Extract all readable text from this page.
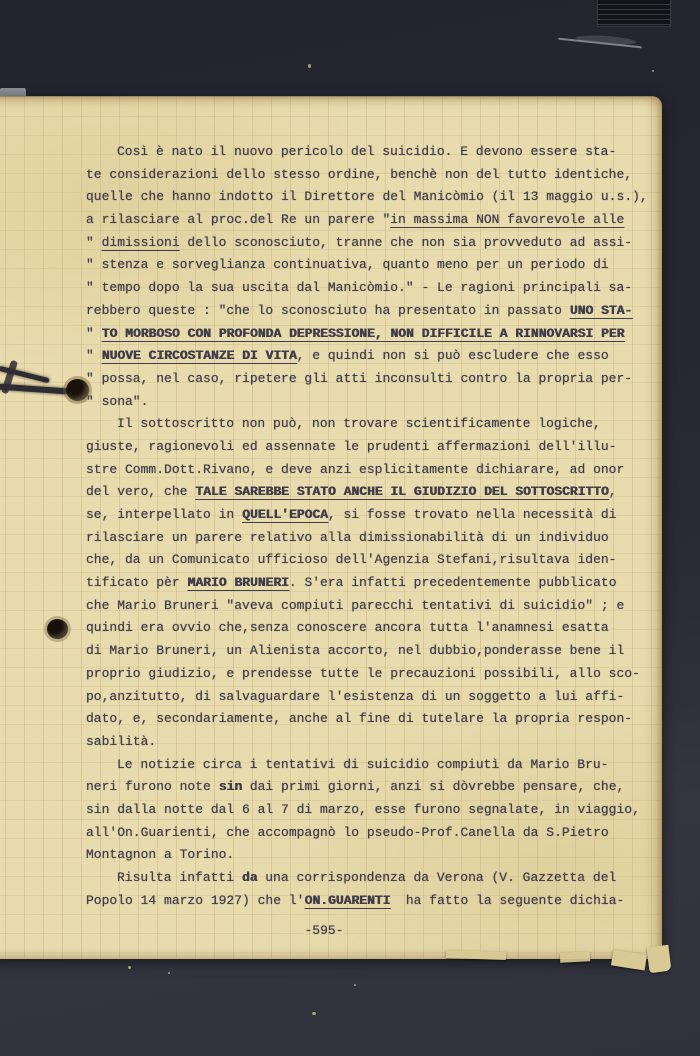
Così è nato il nuovo pericolo del suicidio. E devono essere sta-
te considerazioni dello stesso ordine, benchè non del tutto identiche,
quelle che hanno indotto il Direttore del Manicòmio (il 13 maggio u.s.),
a rilasciare al proc.del Re un parere "in massima NON favorevole alle
" dimissioni dello sconosciuto, tranne che non sia provveduto ad assi-
" stenza e sorveglianza continuativa, quanto meno per un periodo di
" tempo dopo la sua uscita dal Manicòmio." - Le ragioni principali sa-
rebbero queste : "che lo sconosciuto ha presentato in passato UNO STA-
" TO MORBOSO CON PROFONDA DEPRESSIONE, NON DIFFICILE A RINNOVARSI PER
" NUOVE CIRCOSTANZE DI VITA, e quindi non si può escludere che esso
" possa, nel caso, ripetere gli atti inconsulti contro la propria per-
" sona".
Il sottoscritto non può, non trovare scientificamente logiche,
giuste, ragionevoli ed assennate le prudenti affermazioni dell'illu-
stre Comm.Dott.Rivano, e deve anzi esplicitamente dichiarare, ad onor
del vero, che TALE SAREBBE STATO ANCHE IL GIUDIZIO DEL SOTTOSCRITTO,
se, interpellato in QUELL'EPOCA, si fosse trovato nella necessità di
rilasciare un parere relativo alla dimissionabilità di un individuo
che, da un Comunicato ufficioso dell'Agenzia Stefani,risultava iden-
tificato pèr MARIO BRUNERI. S'era infatti precedentemente pubblicato
che Mario Bruneri "aveva compiuti parecchi tentativi di suicidio" ; e
quindi era ovvio che,senza conoscere ancora tutta l'anamnesi esatta
di Mario Bruneri, un Alienista accorto, nel dubbio,ponderasse bene il
proprio giudizio, e prendesse tutte le precauzioni possibili, allo sco-
po,anzitutto, di salvaguardare l'esistenza di un soggetto a lui affi-
dato, e, secondariamente, anche al fine di tutelare la propria respon-
sabilità.
Le notizie circa i tentativi di suicidio compiutì da Mario Bru-
neri furono note sin dai primi giorni, anzi si dòvrebbe pensare, che,
sin dalla notte dal 6 al 7 di marzo, esse furono segnalate, in viaggio,
all'On.Guarienti, che accompagnò lo pseudo-Prof.Canella da S.Pietro
Montagnon a Torino.
Risulta infatti da una corrispondenza da Verona (V. Gazzetta del
Popolo 14 marzo 1927) che l'ON.GUARENTI  ha fatto la seguente dichia-
-595-
